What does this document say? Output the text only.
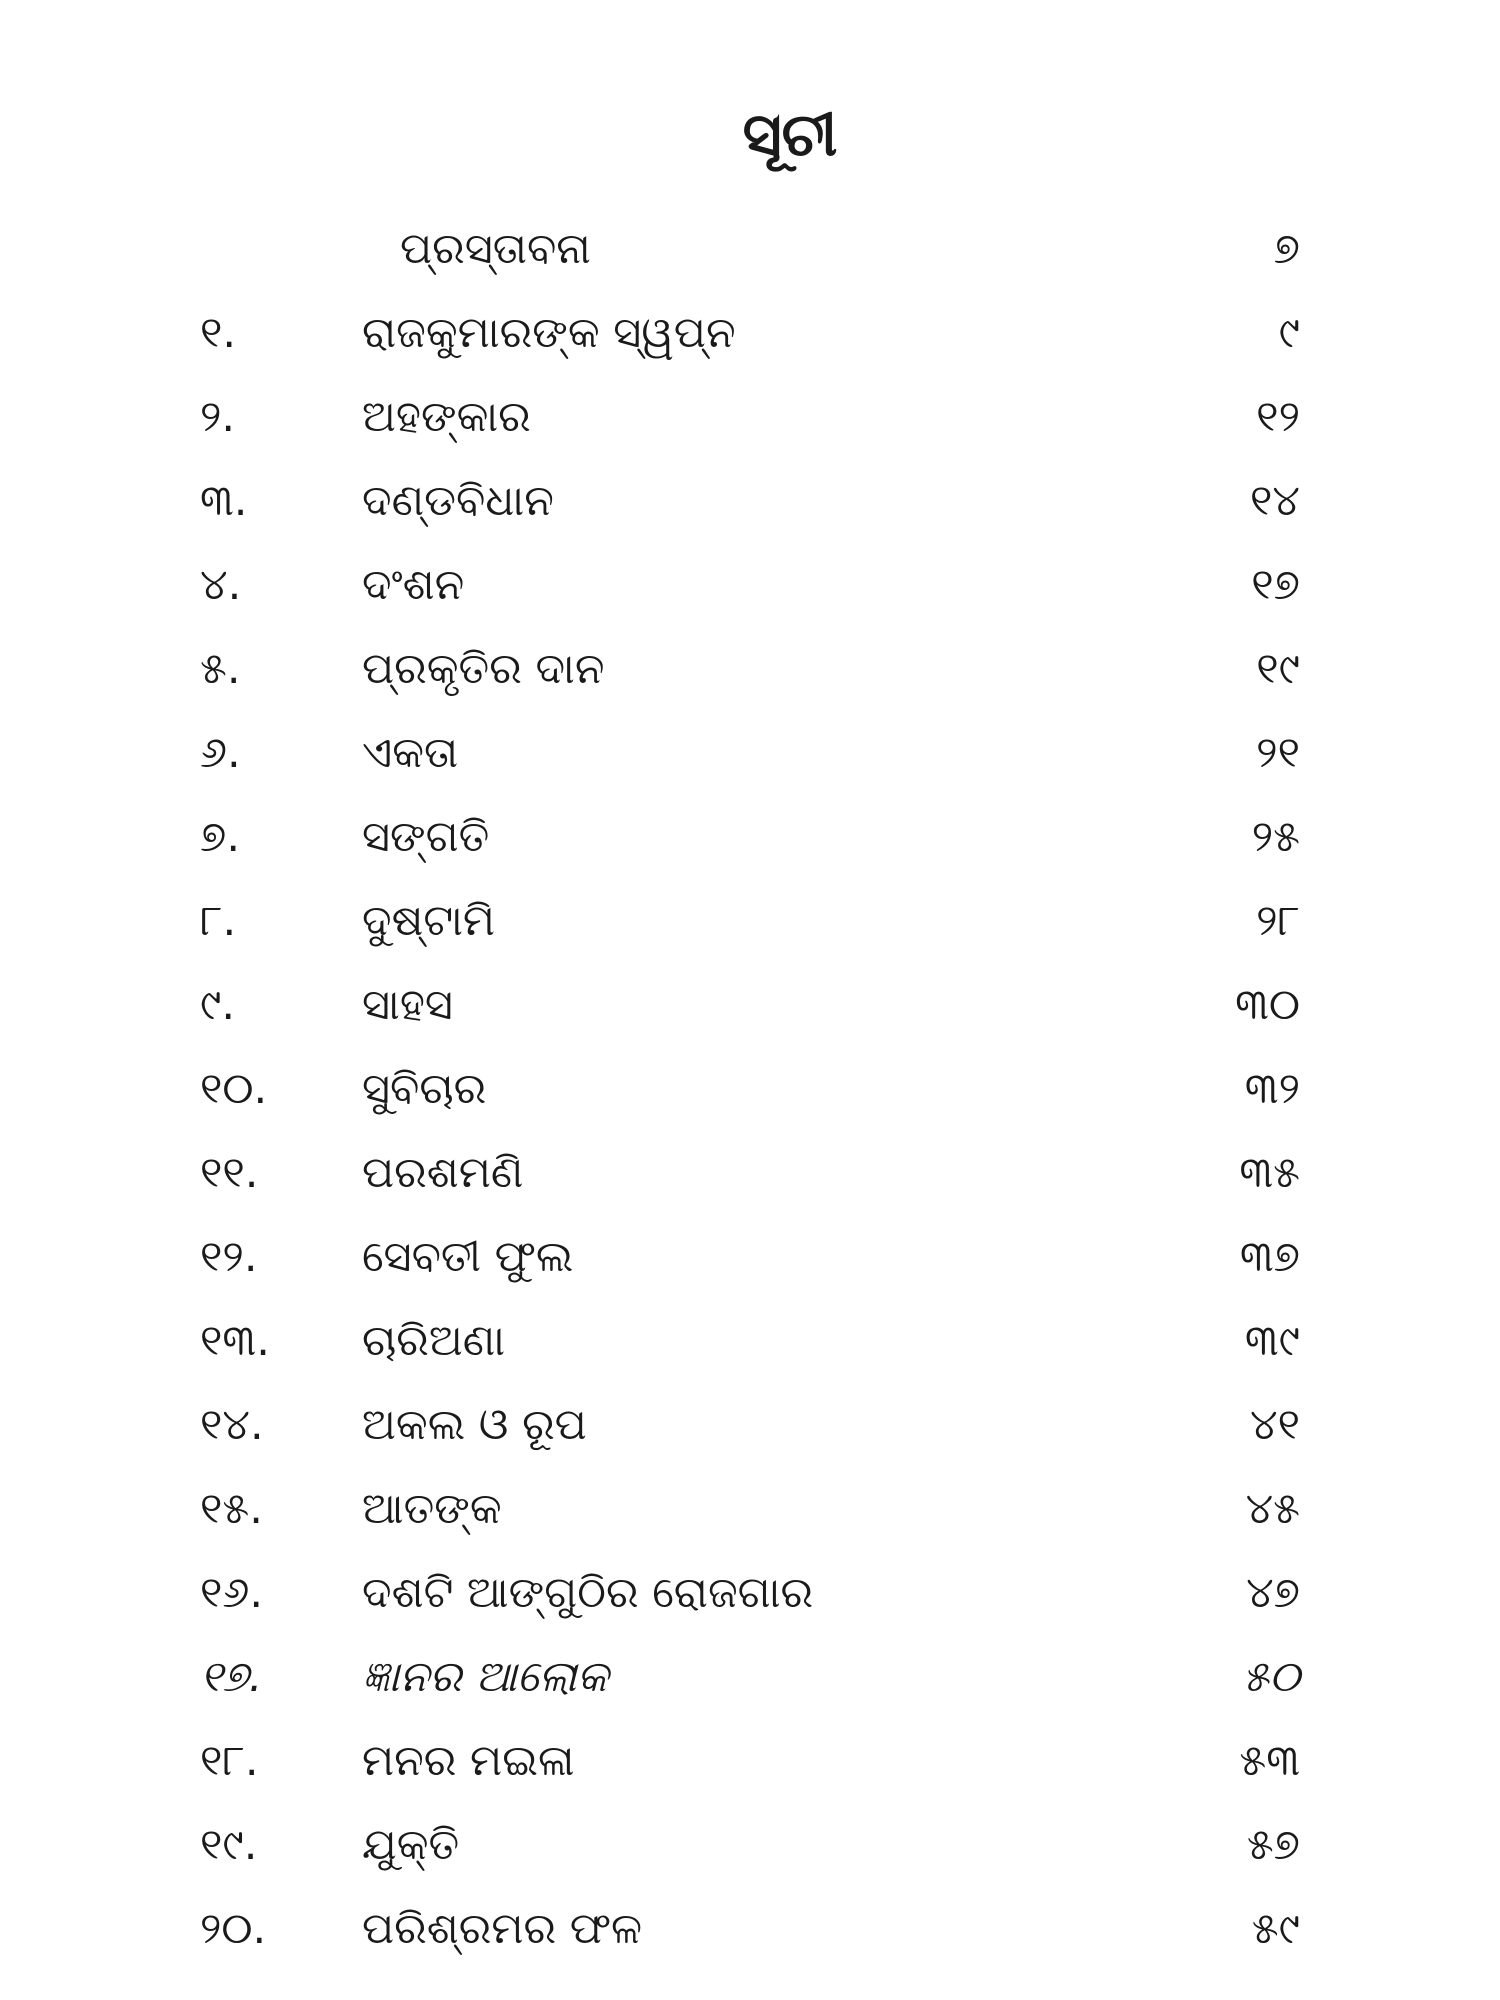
ସୂଚୀ
ପ୍ରସ୍ତାବନା	୭
୧.	ରାଜକୁମାରଙ୍କ ସ୍ୱପ୍ନ	୯
୨.	ଅହଙ୍କାର	୧୨
୩.	ଦଣ୍ଡବିଧାନ	୧୪
୪.	ଦଂଶନ	୧୭
୫.	ପ୍ରକୃତିର ଦାନ	୧୯
୬.	ଏକତା	୨୧
୭.	ସଙ୍ଗତି	୨୫
୮.	ଦୁଷ୍ଟାମି	୨୮
୯.	ସାହସ	୩୦
୧୦.	ସୁବିଚାର	୩୨
୧୧.	ପରଶମଣି	୩୫
୧୨.	ସେବତୀ ଫୁଲ	୩୭
୧୩.	ଚାରିଅଣା	୩୯
୧୪.	ଅକଲ ଓ ରୂପ	୪୧
୧୫.	ଆତଙ୍କ	୪୫
୧୬.	ଦଶଟି ଆଙ୍ଗୁଠିର ରୋଜଗାର	୪୭
୧୭.	ଜ୍ଞାନର ଆଲୋକ	୫୦
୧୮.	ମନର ମଇଳା	୫୩
୧୯.	ଯୁକ୍ତି	୫୭
୨୦.	ପରିଶ୍ରମର ଫଳ	୫୯
